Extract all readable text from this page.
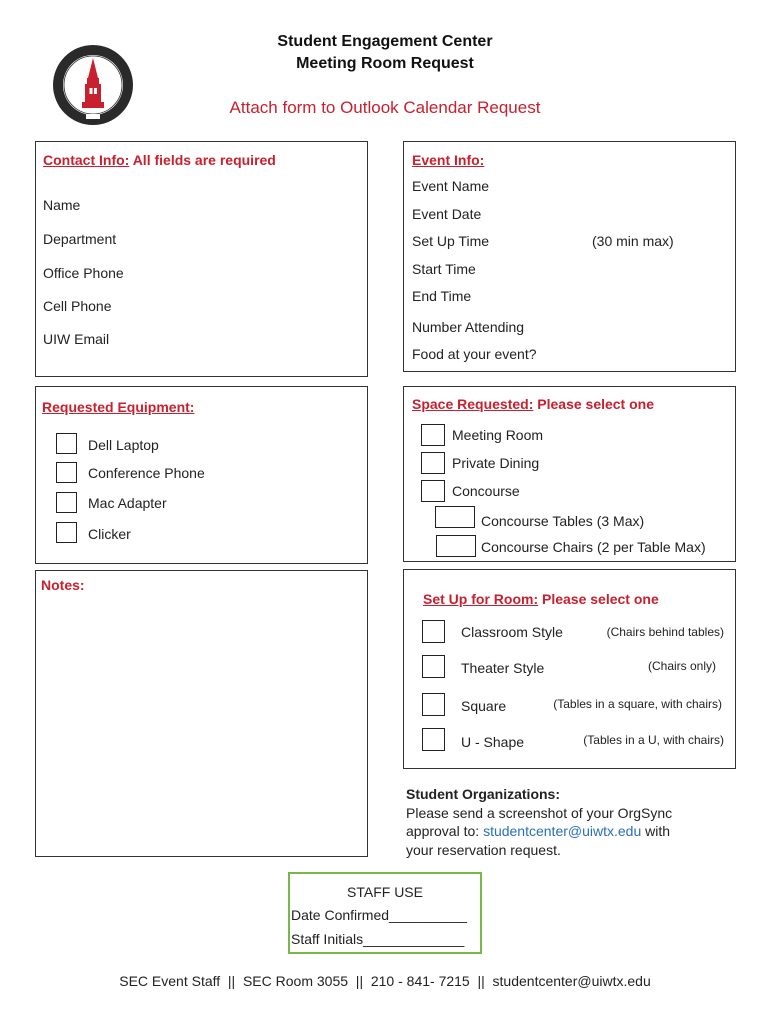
Student Engagement Center
Meeting Room Request
Attach form to Outlook Calendar Request
Contact Info: All fields are required
Name
Department
Office Phone
Cell Phone
UIW Email
Event Info:
Event Name
Event Date
Set Up Time	(30 min max)
Start Time
End Time
Number Attending
Food at your event?
Requested Equipment:
Dell Laptop
Conference Phone
Mac Adapter
Clicker
Space Requested: Please select one
Meeting Room
Private Dining
Concourse
Concourse Tables (3 Max)
Concourse Chairs (2 per Table Max)
Notes:
Set Up for Room: Please select one
Classroom Style	(Chairs behind tables)
Theater Style	(Chairs only)
Square	(Tables in a square, with chairs)
U - Shape	(Tables in a U, with chairs)
Student Organizations:
Please send a screenshot of your OrgSync
approval to: studentcenter@uiwtx.edu with
your reservation request.
STAFF USE
Date Confirmed__________
Staff Initials_____________
SEC Event Staff  ||  SEC Room 3055  ||  210 - 841- 7215  ||  studentcenter@uiwtx.edu
